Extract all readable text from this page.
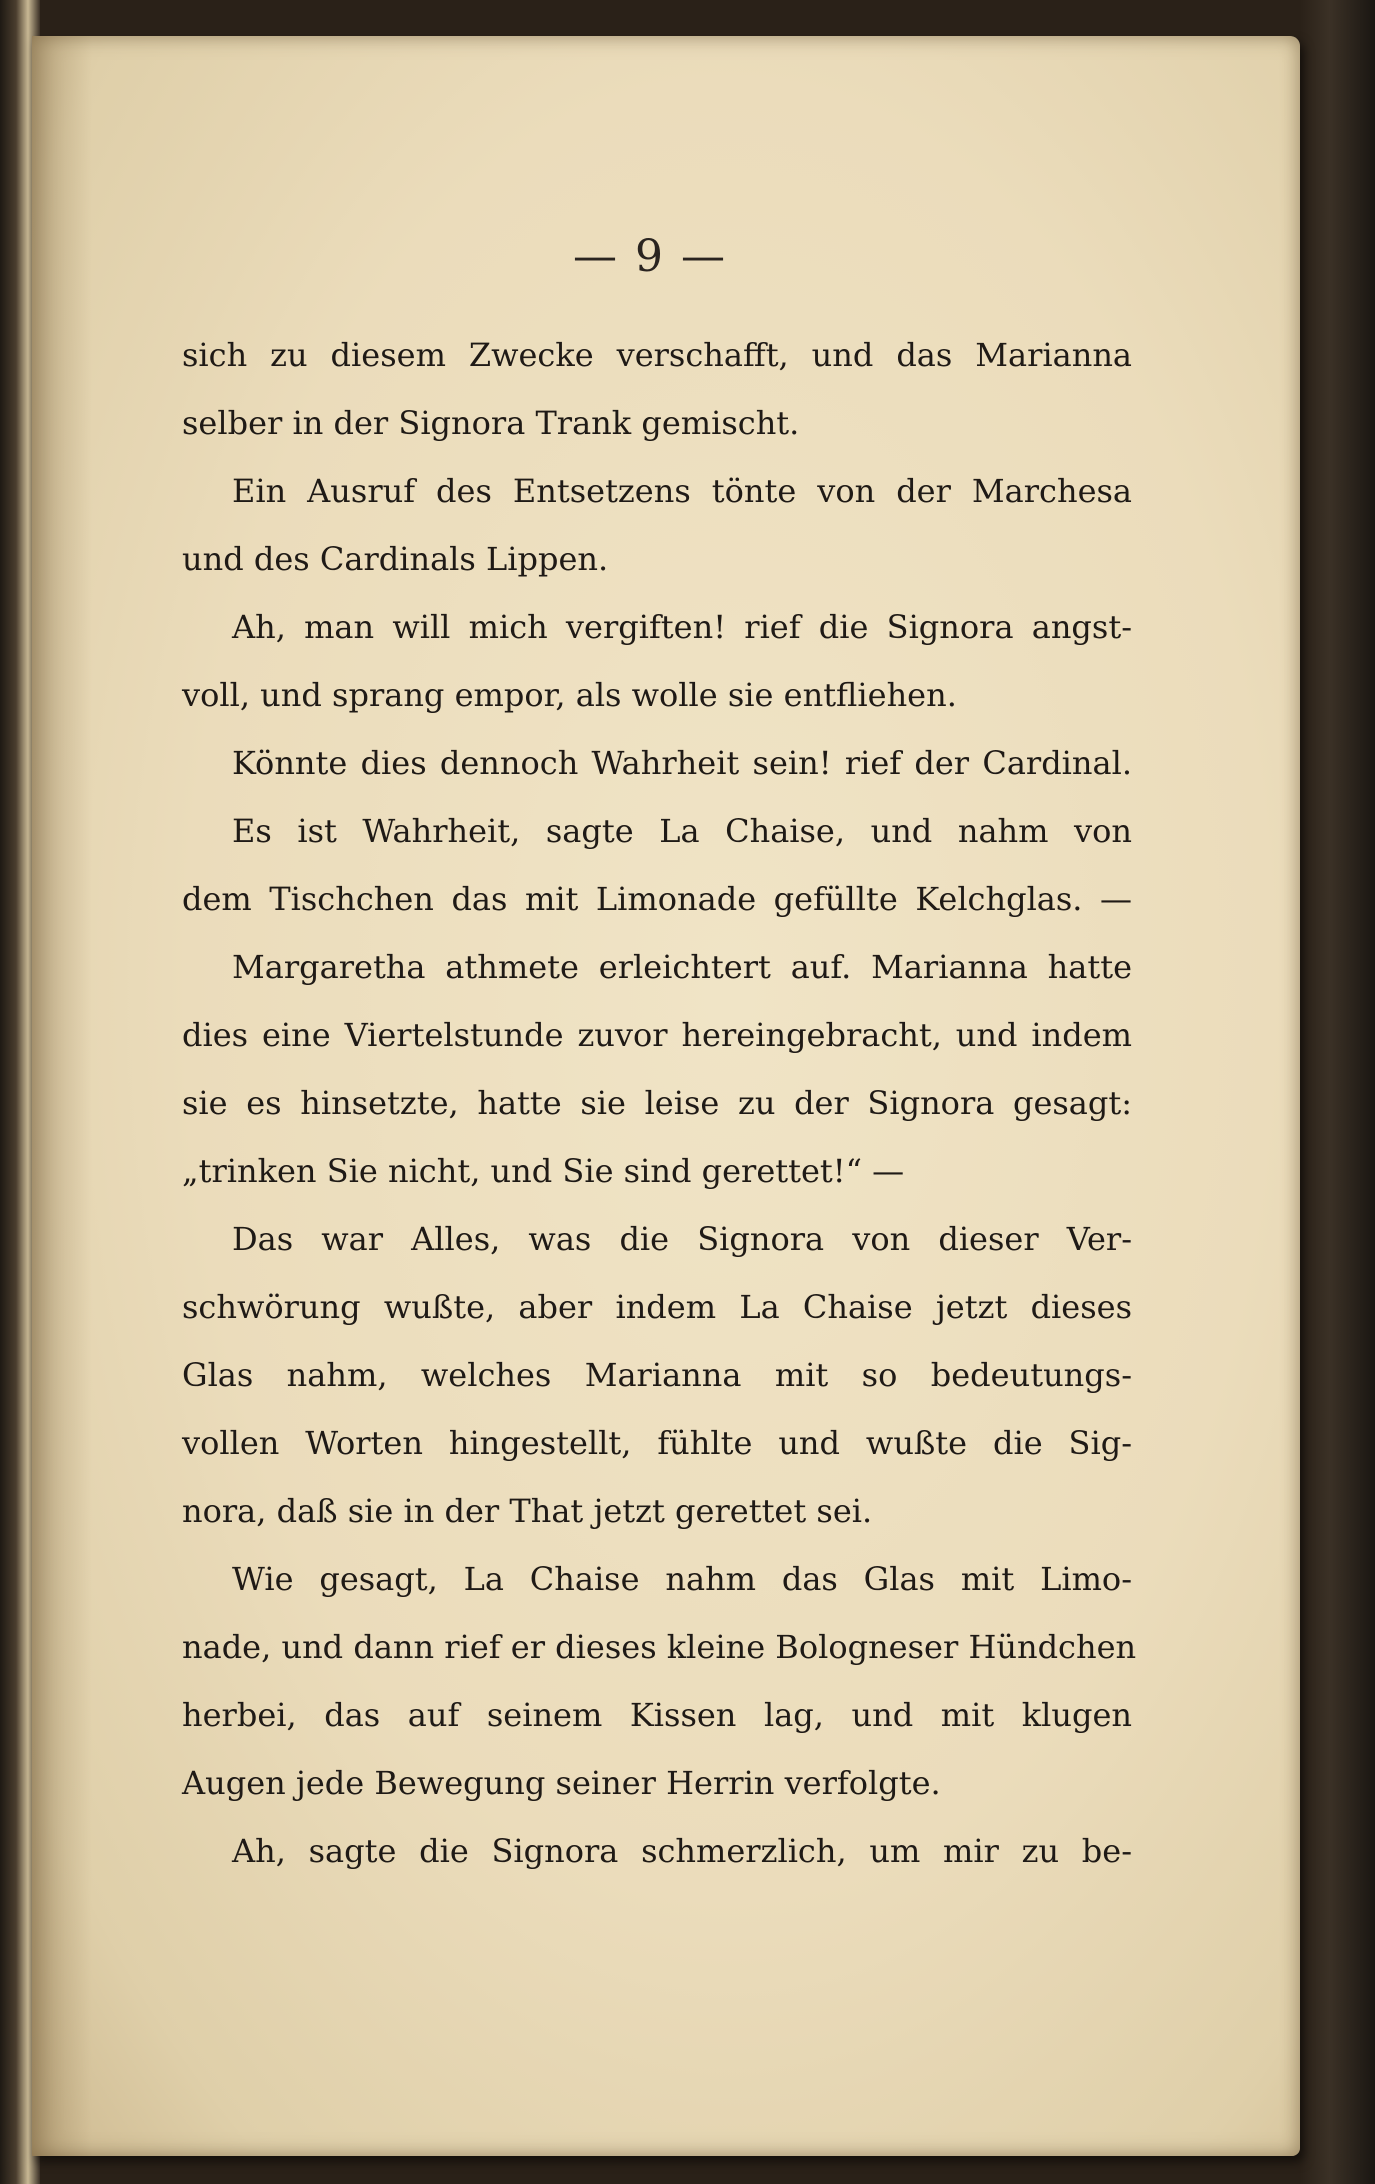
— 9 —
sich zu diesem Zwecke verschafft, und das Marianna
selber in der Signora Trank gemischt.
Ein Ausruf des Entsetzens tönte von der Marchesa
und des Cardinals Lippen.
Ah, man will mich vergiften! rief die Signora angst-
voll, und sprang empor, als wolle sie entfliehen.
Könnte dies dennoch Wahrheit sein! rief der Cardinal.
Es ist Wahrheit, sagte La Chaise, und nahm von
dem Tischchen das mit Limonade gefüllte Kelchglas. —
Margaretha athmete erleichtert auf. Marianna hatte
dies eine Viertelstunde zuvor hereingebracht, und indem
sie es hinsetzte, hatte sie leise zu der Signora gesagt:
„trinken Sie nicht, und Sie sind gerettet!“ —
Das war Alles, was die Signora von dieser Ver-
schwörung wußte, aber indem La Chaise jetzt dieses
Glas nahm, welches Marianna mit so bedeutungs-
vollen Worten hingestellt, fühlte und wußte die Sig-
nora, daß sie in der That jetzt gerettet sei.
Wie gesagt, La Chaise nahm das Glas mit Limo-
nade, und dann rief er dieses kleine Bologneser Hündchen
herbei, das auf seinem Kissen lag, und mit klugen
Augen jede Bewegung seiner Herrin verfolgte.
Ah, sagte die Signora schmerzlich, um mir zu be-
